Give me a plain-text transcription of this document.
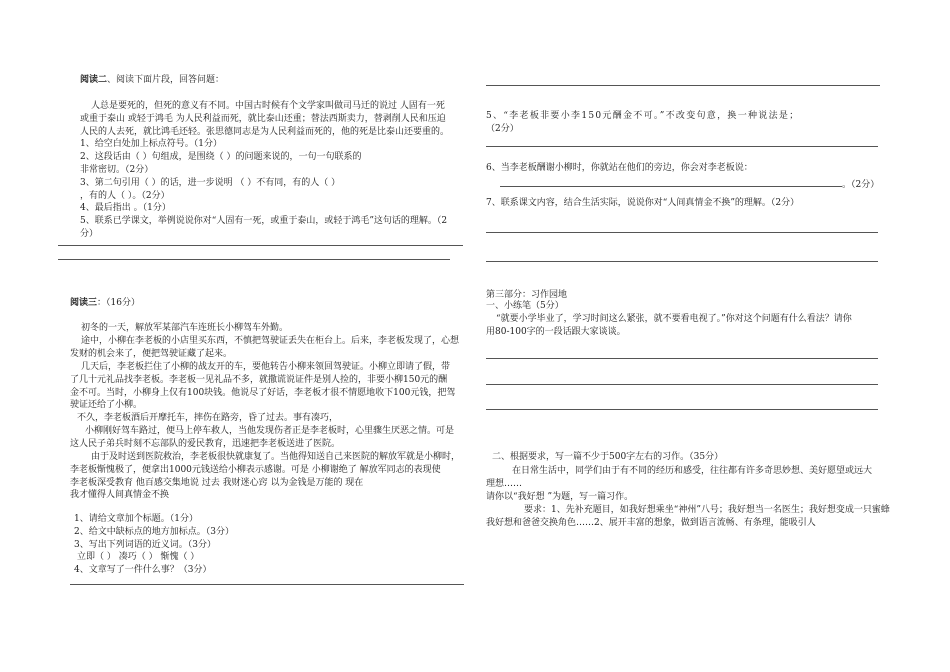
阅读二、阅读下面片段，回答问题：
人总是要死的，但死的意义有不同。中国古时候有个文学家叫做司马迁的说过 人固有一死
或重于泰山 或轻于鸿毛 为人民利益而死，就比泰山还重；替法西斯卖力，替剥削人民和压迫
人民的人去死，就比鸿毛还轻。张思德同志是为人民利益而死的，他的死是比泰山还要重的。
1、给空白处加上标点符号。（1分）
2、这段话由（ ）句组成，是围绕（ ）的问题来说的，一句一句联系的
非常密切。（2分）
3、第二句引用（ ）的话，进一步说明 （ ）不有同，有的人（ ）
，有的人（ ）。（2分）
4、最后指出 。（1分）
5、联系已学课文，举例说说你对“人固有一死，或重于泰山，或轻于鸿毛”这句话的理解。（2
分）
阅读三：（16分）
初冬的一天，解放军某部汽车连班长小柳驾车外勤。
途中，小柳在李老板的小店里买东西，不慎把驾驶证丢失在柜台上。后来，李老板发现了，心想
发财的机会来了，便把驾驶证藏了起来。
几天后，李老板拦住了小柳的战友开的车，要他转告小柳来领回驾驶证。小柳立即请了假，带
了几十元礼品找李老板。李老板一见礼品不多，就撒谎说证件是别人捡的，非要小柳150元的酬
金不可。当时，小柳身上仅有100块钱。他说尽了好话，李老板才很不情愿地收下100元钱，把驾
驶证还给了小柳。
不久，李老板酒后开摩托车，摔伤在路旁，昏了过去。事有凑巧，
小柳刚好驾车路过，便马上停车救人，当他发现伤者正是李老板时，心里骤生厌恶之情。可是
这人民子弟兵时刻不忘部队的爱民教育，迅速把李老板送进了医院。
由于及时送到医院救治，李老板很快就康复了。当他得知送自己来医院的解放军就是小柳时，
李老板惭愧极了，便拿出1000元钱送给小柳表示感谢。可是 小柳谢绝了 解放军同志的表现使
李老板深受教育 他百感交集地说 过去 我财迷心窍 以为金钱是万能的 现在
我才懂得人间真情金不换
1、请给文章加个标题。（1分）
2、给文中缺标点的地方加标点。（3分）
3、写出下列词语的近义词。（3分）
立即（ ） 凑巧（ ） 惭愧（ ）
4、文章写了一件什么事？（3分）
5、“李老板非要小李150元酬金不可。”不改变句意，换一种说法是；
（2分）
6、当李老板酬谢小柳时，你就站在他们的旁边，你会对李老板说：
。（2分）
7、联系课文内容，结合生活实际，说说你对“人间真情金不换”的理解。（2分）
第三部分：习作园地
一、小练笔（5分）
“就要小学毕业了，学习时间这么紧张，就不要看电视了。”你对这个问题有什么看法？请你
用80-100字的一段话跟大家谈谈。
二、根据要求，写一篇不少于500字左右的习作。（35分）
在日常生活中，同学们由于有不同的经历和感受，往往都有许多奇思妙想、美好愿望或远大
理想……
请你以“我好想 ”为题，写一篇习作。
要求：1、先补充题目，如我好想乘坐“神州”八号；我好想当一名医生；我好想变成一只蜜蜂
我好想和爸爸交换角色……2、展开丰富的想象，做到语言流畅、有条理，能吸引人
